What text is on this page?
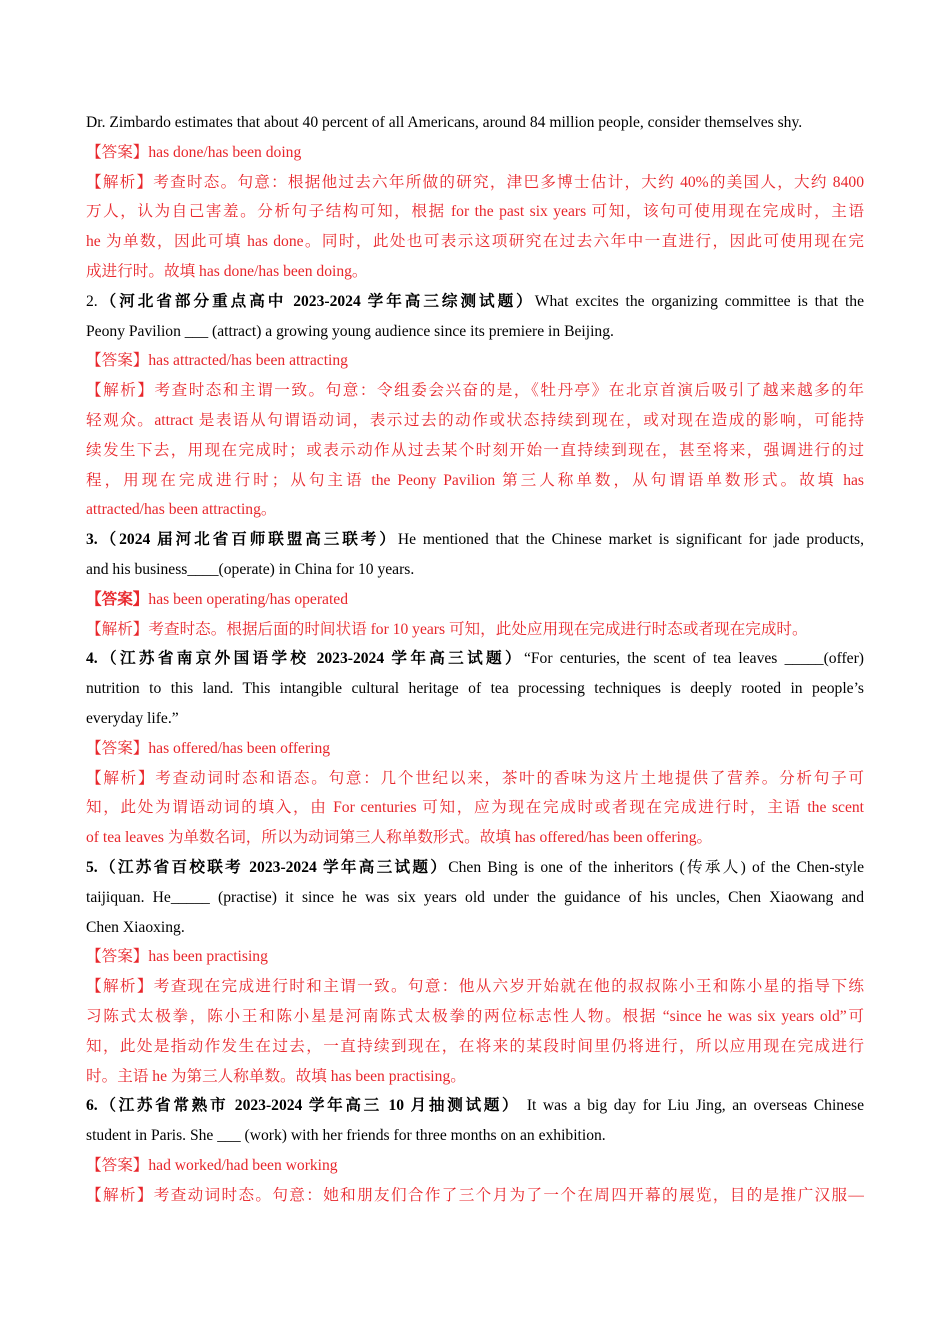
Dr. Zimbardo estimates that about 40 percent of all Americans, around 84 million people, consider themselves shy.
【答案】has done/has been doing
【解析】考查时态。句意：根据他过去六年所做的研究，津巴多博士估计，大约 40%的美国人，大约 8400
万人，认为自己害羞。分析句子结构可知，根据 for the past six years 可知，该句可使用现在完成时，主语
he 为单数，因此可填 has done。同时，此处也可表示这项研究在过去六年中一直进行，因此可使用现在完
成进行时。故填 has done/has been doing。
2.（河北省部分重点高中 2023-2024 学年高三综测试题）What excites the organizing committee is that the
Peony Pavilion ___ (attract) a growing young audience since its premiere in Beijing.
【答案】has attracted/has been attracting
【解析】考查时态和主谓一致。句意：令组委会兴奋的是，《牡丹亭》在北京首演后吸引了越来越多的年
轻观众。attract 是表语从句谓语动词，表示过去的动作或状态持续到现在，或对现在造成的影响，可能持
续发生下去，用现在完成时；或表示动作从过去某个时刻开始一直持续到现在，甚至将来，强调进行的过
程，用现在完成进行时；从句主语 the Peony Pavilion 第三人称单数，从句谓语单数形式。故填 has
attracted/has been attracting。
3.（2024 届河北省百师联盟高三联考）He mentioned that the Chinese market is significant for jade products,
and his business____(operate) in China for 10 years.
【答案】has been operating/has operated
【解析】考查时态。根据后面的时间状语 for 10 years 可知，此处应用现在完成进行时态或者现在完成时。
4.（江苏省南京外国语学校 2023-2024 学年高三试题）“For centuries, the scent of tea leaves _____(offer)
nutrition to this land. This intangible cultural heritage of tea processing techniques is deeply rooted in people’s
everyday life.”
【答案】has offered/has been offering
【解析】考查动词时态和语态。句意：几个世纪以来，茶叶的香味为这片土地提供了营养。分析句子可
知，此处为谓语动词的填入，由 For centuries 可知，应为现在完成时或者现在完成进行时，主语 the scent
of tea leaves 为单数名词，所以为动词第三人称单数形式。故填 has offered/has been offering。
5.（江苏省百校联考 2023-2024 学年高三试题）Chen Bing is one of the inheritors (传承人) of the Chen-style
taijiquan. He_____ (practise) it since he was six years old under the guidance of his uncles, Chen Xiaowang and
Chen Xiaoxing.
【答案】has been practising
【解析】考查现在完成进行时和主谓一致。句意：他从六岁开始就在他的叔叔陈小王和陈小星的指导下练
习陈式太极拳，陈小王和陈小星是河南陈式太极拳的两位标志性人物。根据 “since he was six years old”可
知，此处是指动作发生在过去，一直持续到现在，在将来的某段时间里仍将进行，所以应用现在完成进行
时。主语 he 为第三人称单数。故填 has been practising。
6.（江苏省常熟市 2023-2024 学年高三 10 月抽测试题） It was a big day for Liu Jing, an overseas Chinese
student in Paris. She ___ (work) with her friends for three months on an exhibition.
【答案】had worked/had been working
【解析】考查动词时态。句意：她和朋友们合作了三个月为了一个在周四开幕的展览，目的是推广汉服—
